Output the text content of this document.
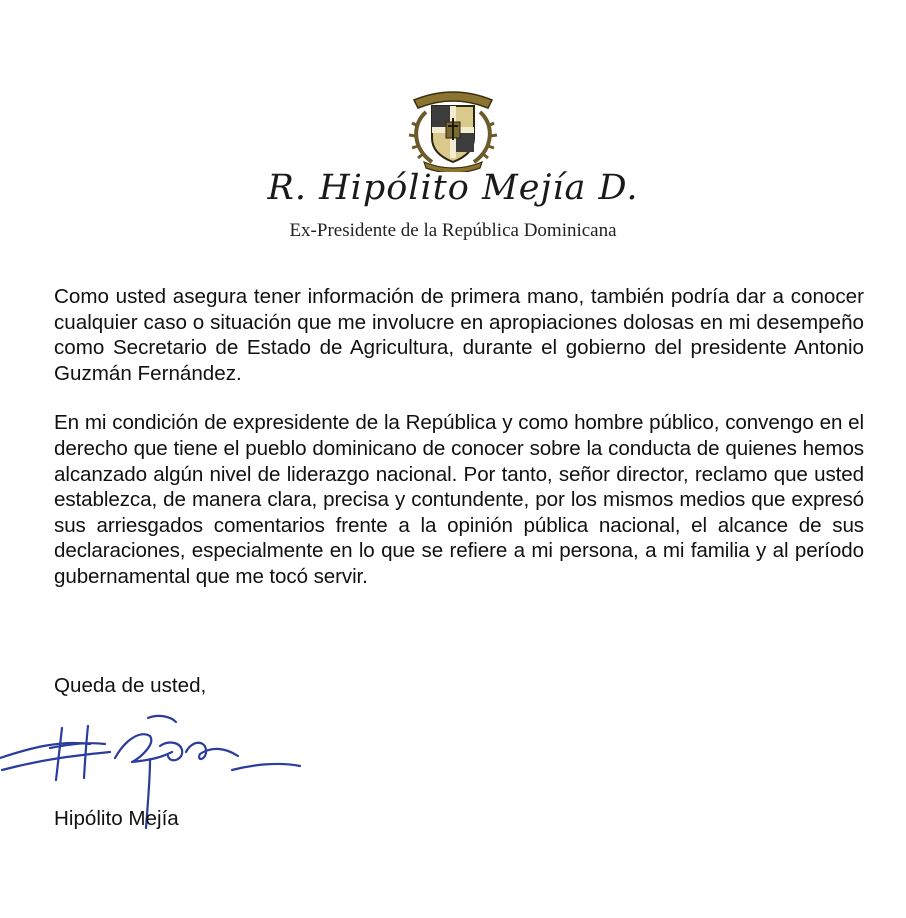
R. Hipólito Mejía D.
Ex-Presidente de la República Dominicana

Como usted asegura tener información de primera mano, también podría dar a conocer cualquier caso o situación que me involucre en apropiaciones dolosas en mi desempeño como Secretario de Estado de Agricultura, durante el gobierno del presidente Antonio Guzmán Fernández.

En mi condición de expresidente de la República y como hombre público, convengo en el derecho que tiene el pueblo dominicano de conocer sobre la conducta de quienes hemos alcanzado algún nivel de liderazgo nacional. Por tanto, señor director, reclamo que usted establezca, de manera clara, precisa y contundente, por los mismos medios que expresó sus arriesgados comentarios frente a la opinión pública nacional, el alcance de sus declaraciones, especialmente en lo que se refiere a mi persona, a mi familia y al período gubernamental que me tocó servir.

Queda de usted,

Hipólito Mejía
